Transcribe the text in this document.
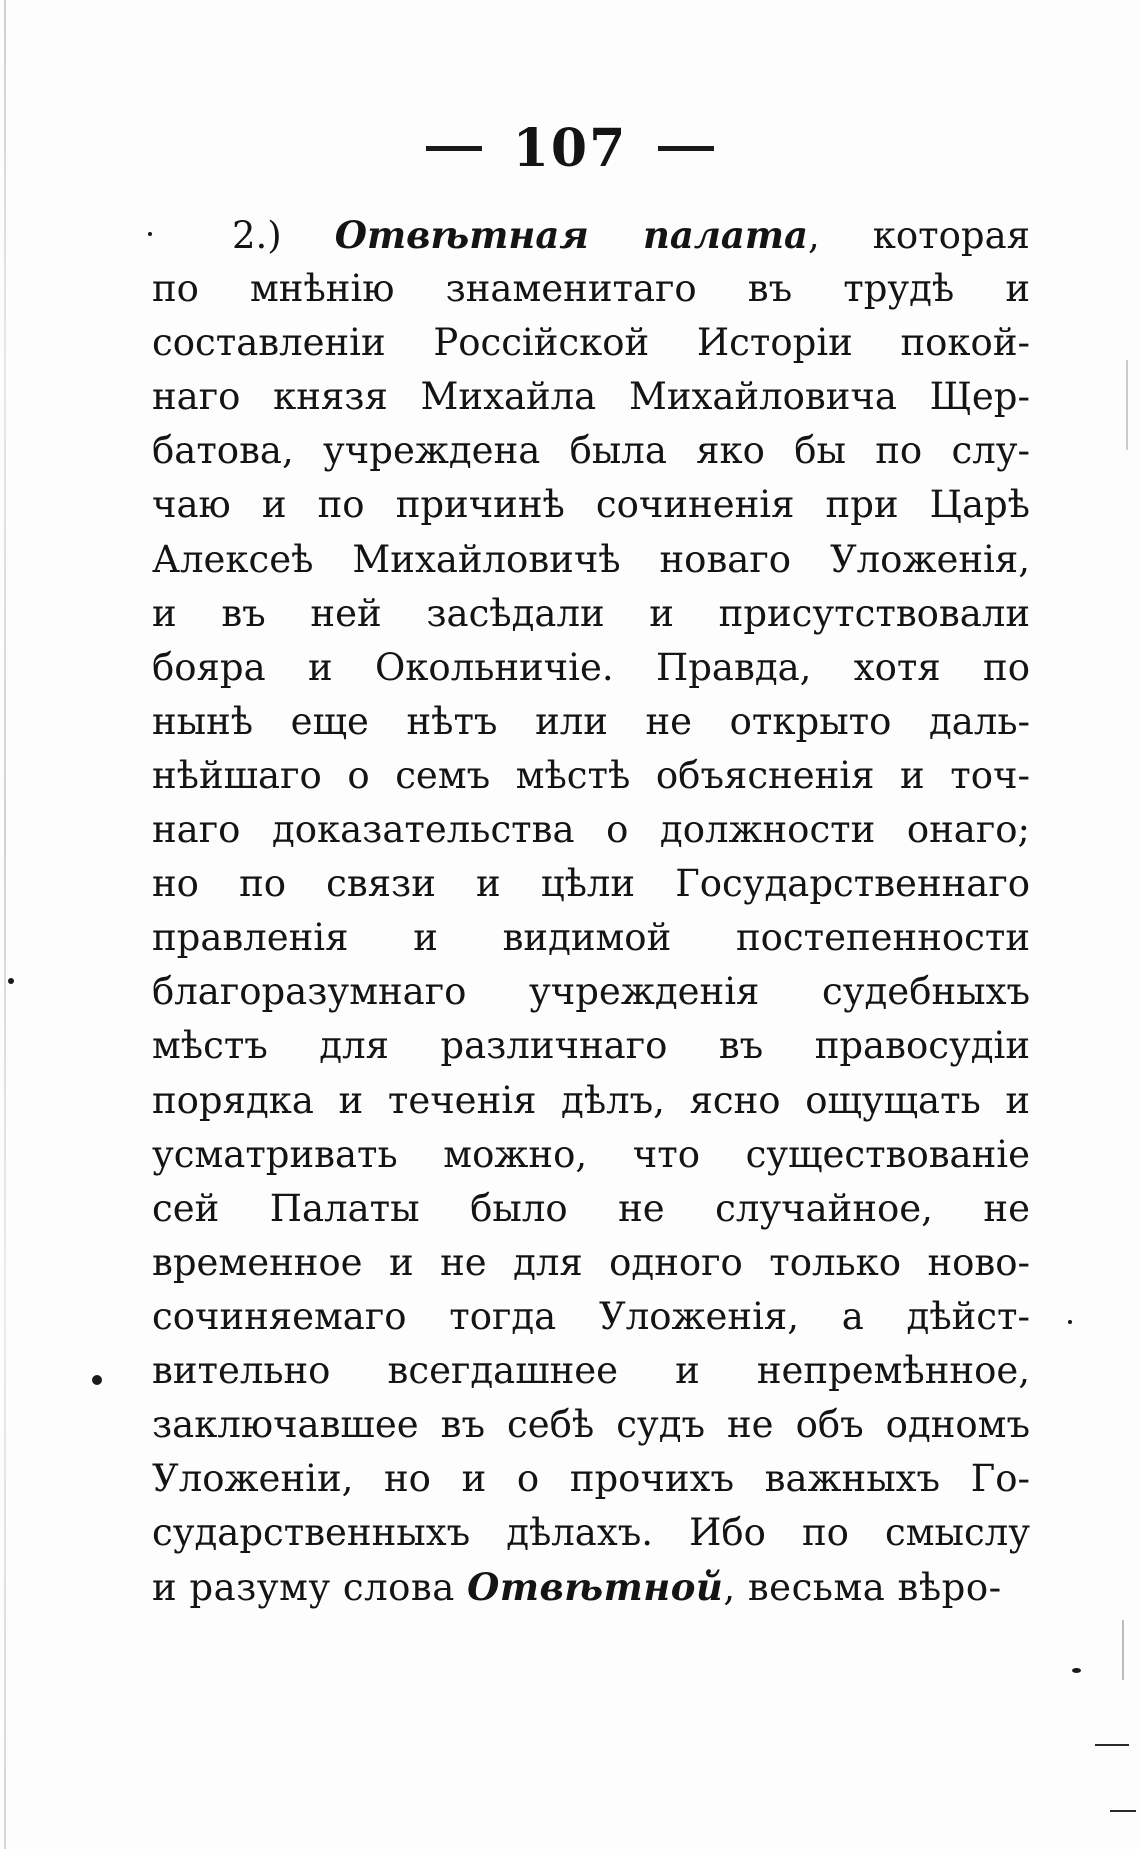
107
2.) Отвѣтная палата, которая
по мнѣнію знаменитаго въ трудѣ и
составленіи Россійской Исторіи покой-
наго князя Михайла Михайловича Щер-
батова, учреждена была яко бы по слу-
чаю и по причинѣ сочиненія при Царѣ
Алексеѣ Михайловичѣ новаго Уложенія,
и въ ней засѣдали и присутствовали
бояра и Окольничіе. Правда, хотя по
нынѣ еще нѣтъ или не открыто даль-
нѣйшаго о семъ мѣстѣ объясненія и точ-
наго доказательства о должности онаго;
но по связи и цѣли Государственнаго
правленія и видимой постепенности
благоразумнаго учрежденія судебныхъ
мѣстъ для различнаго въ правосудіи
порядка и теченія дѣлъ, ясно ощущать и
усматривать можно, что существованіе
сей Палаты было не случайное, не
временное и не для одного только ново-
сочиняемаго тогда Уложенія, а дѣйст-
вительно всегдашнее и непремѣнное,
заключавшее въ себѣ судъ не объ одномъ
Уложеніи, но и о прочихъ важныхъ Го-
сударственныхъ дѣлахъ. Ибо по смыслу
и разуму слова Отвѣтной, весьма вѣро-
